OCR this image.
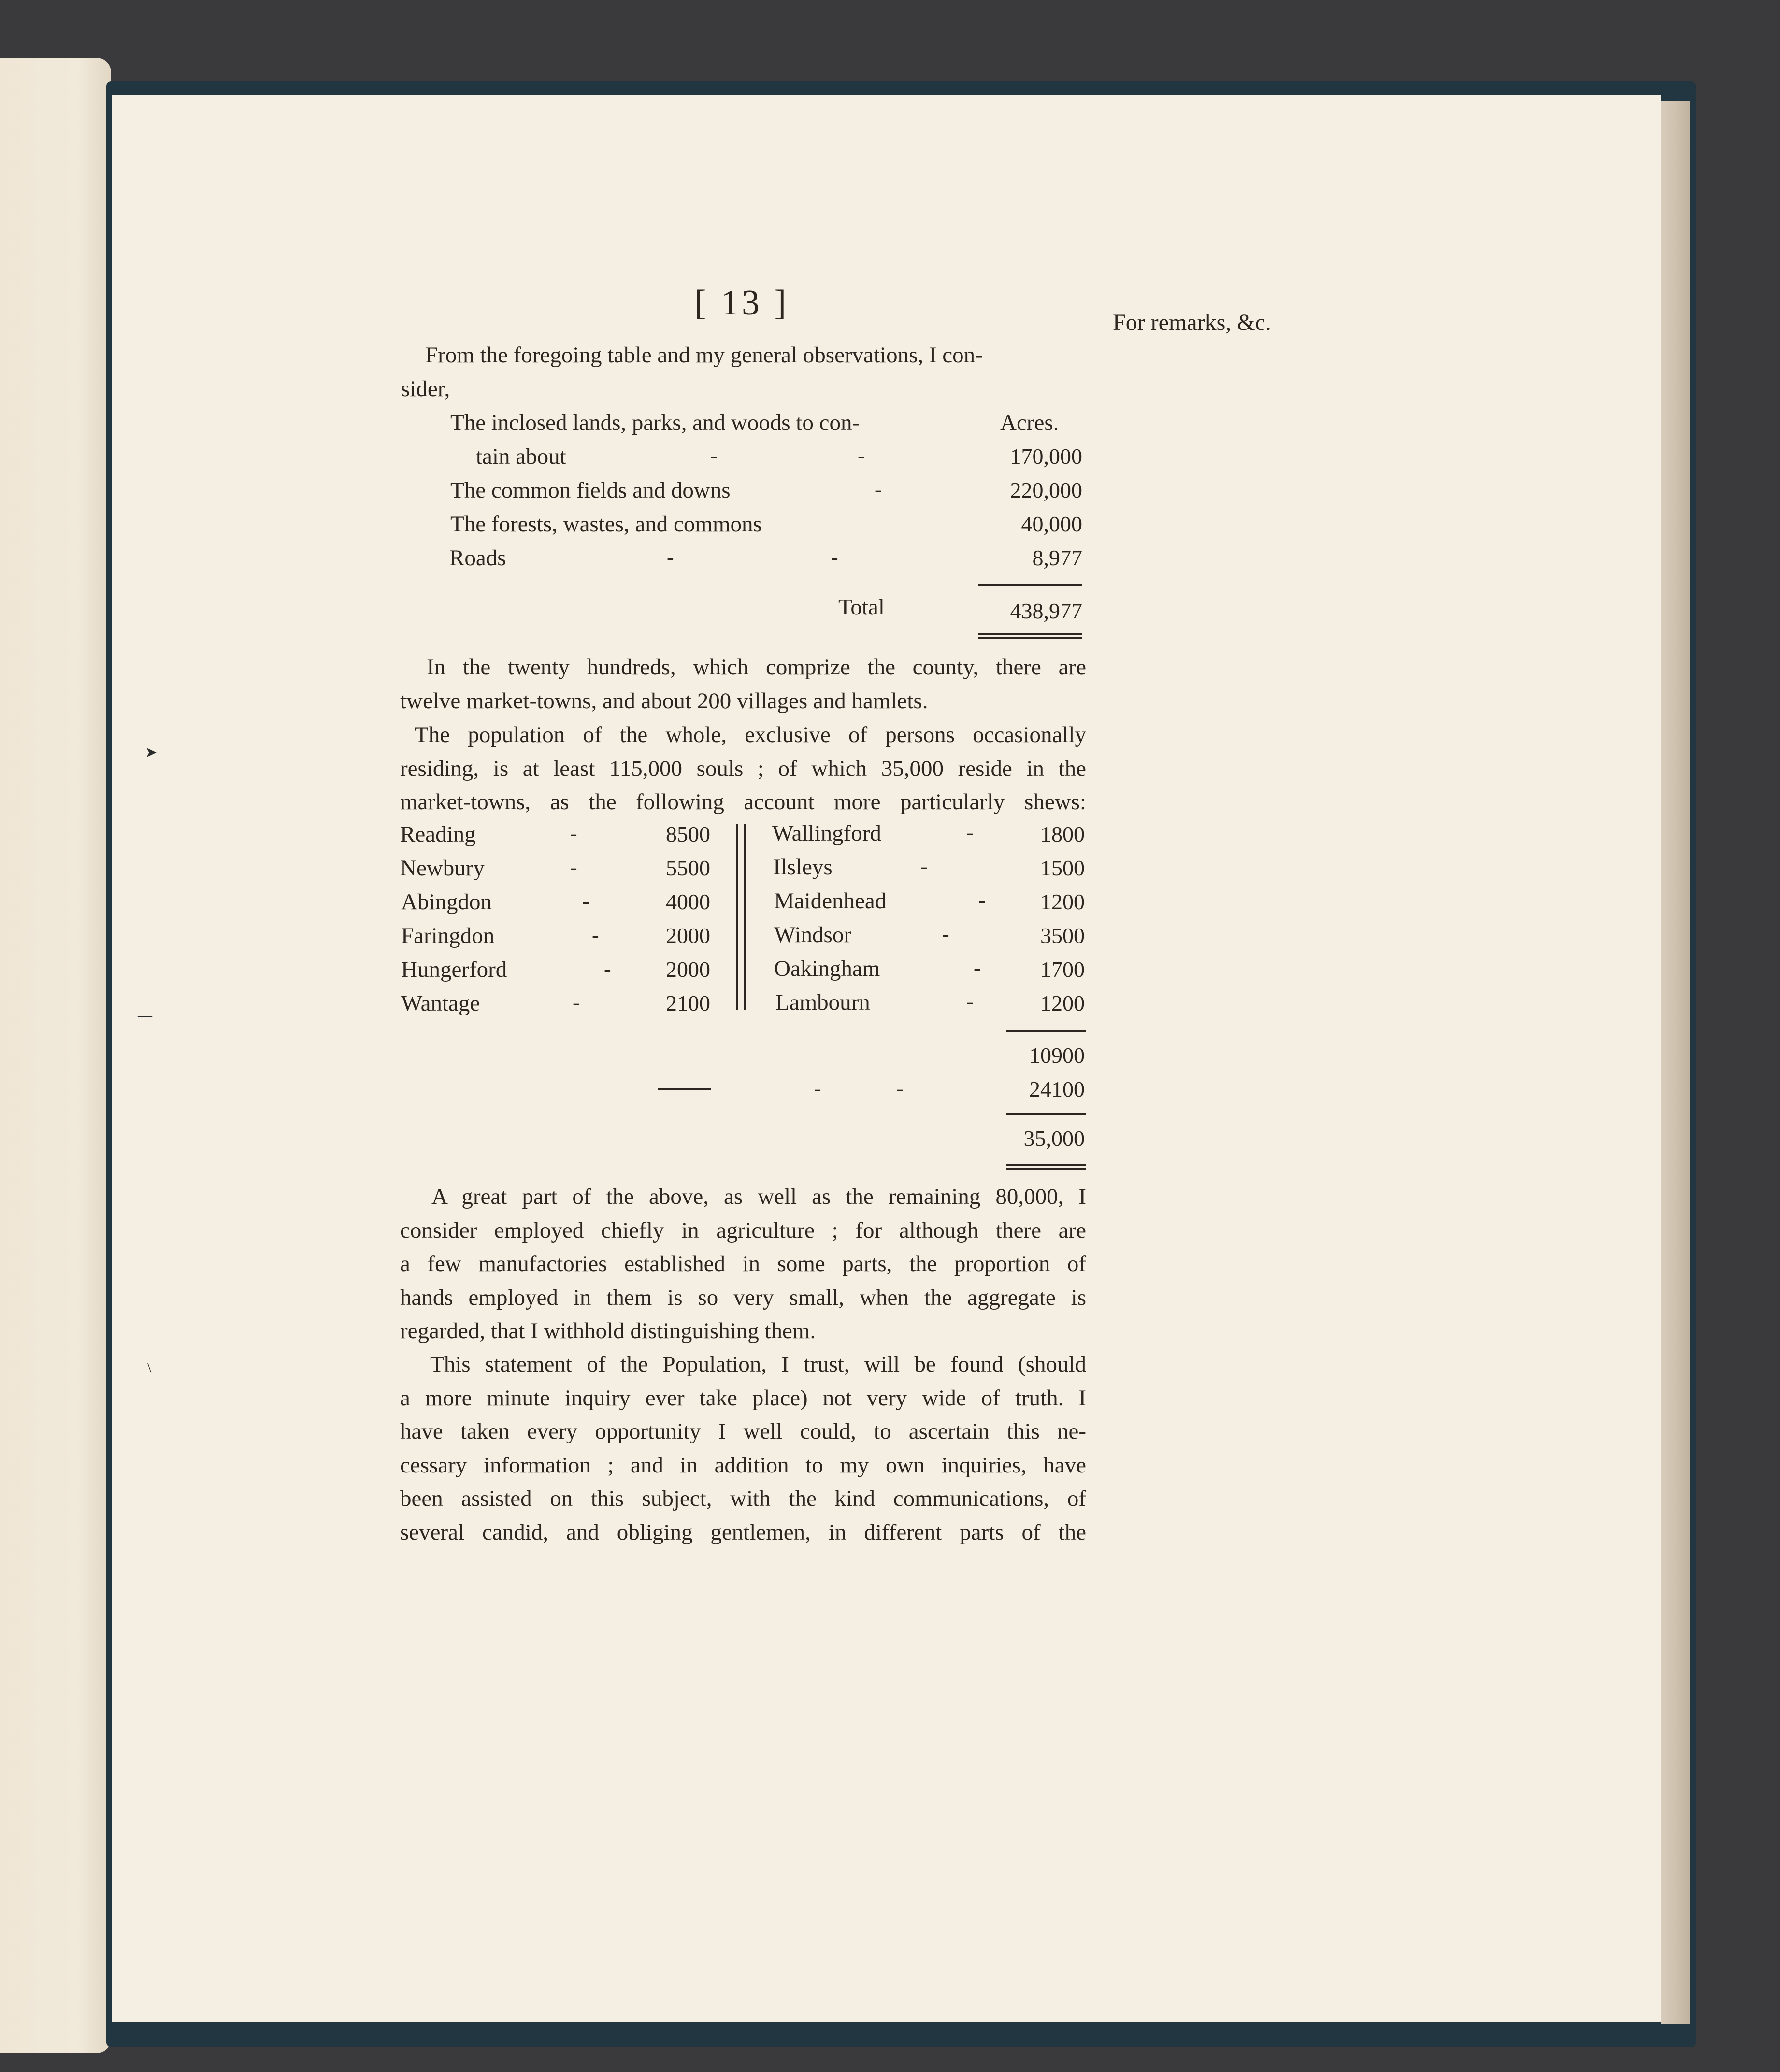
➤
—
\
[ 13 ]	For remarks, &c.
From the foregoing table and my general observations, I con-
sider,
Acres.
The inclosed lands, parks, and woods to con-
tain about	-	-	170,000
The common fields and downs	-	220,000
The forests, wastes, and commons	40,000
Roads	-	-	8,977
Total	438,977
In the twenty hundreds, which comprize the county, there are
twelve market-towns, and about 200 villages and hamlets.
The population of the whole, exclusive of persons occasionally
residing, is at least 115,000 souls ; of which 35,000 reside in the
market-towns, as the following account more particularly shews:
Reading	-	8500
Newbury	-	5500
Abingdon	-	4000
Faringdon	-	2000
Hungerford	-	2000
Wantage	-	2100
Wallingford	-	1800
Ilsleys	-	1500
Maidenhead	-	1200
Windsor	-	3500
Oakingham	-	1700
Lambourn	-	1200
10900
-	-	24100
35,000
A great part of the above, as well as the remaining 80,000, I
consider employed chiefly in agriculture ; for although there are
a few manufactories established in some parts, the proportion of
hands employed in them is so very small, when the aggregate is
regarded, that I withhold distinguishing them.
This statement of the Population, I trust, will be found (should
a more minute inquiry ever take place) not very wide of truth. I
have taken every opportunity I well could, to ascertain this ne-
cessary information ; and in addition to my own inquiries, have
been assisted on this subject, with the kind communications, of
several candid, and obliging gentlemen, in different parts of the
